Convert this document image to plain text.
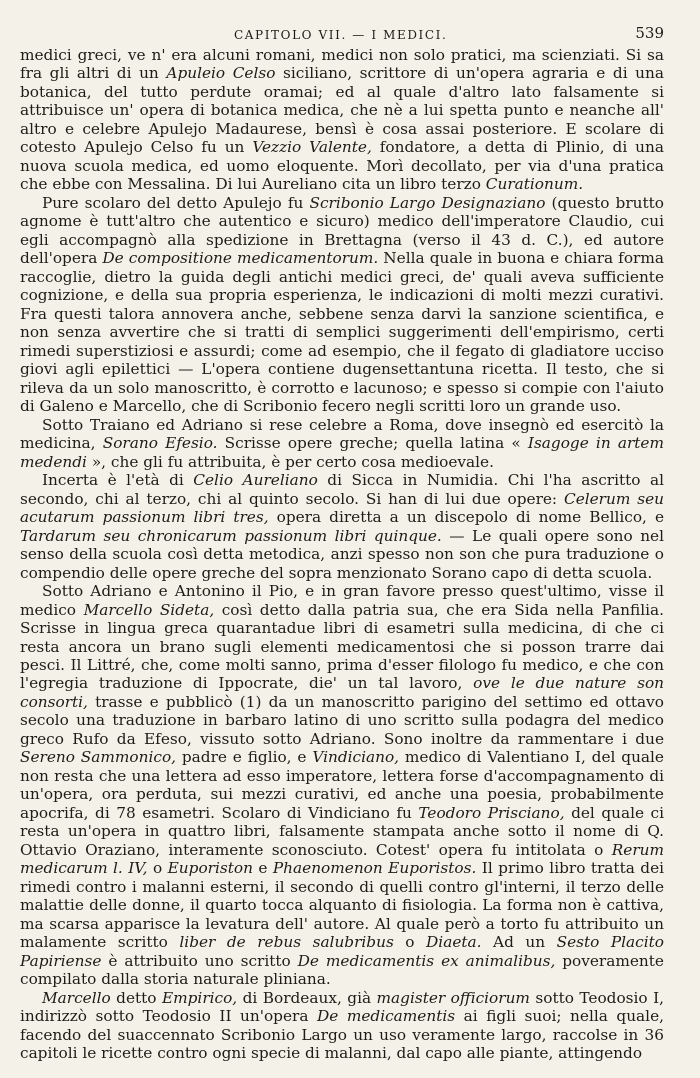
CAPITOLO VII. — I MEDICI.	539

medici greci, ve n' era alcuni romani, medici non solo pratici, ma scienziati. Si sa fra gli altri di un Apuleio Celso siciliano, scrittore di un'opera agraria e di una botanica, del tutto perdute oramai; ed al quale d'altro lato falsamente si attribuisce un' opera di botanica medica, che nè a lui spetta punto e neanche all' altro e celebre Apulejo Madaurese, bensì è cosa assai posteriore. E scolare di cotesto Apulejo Celso fu un Vezzio Valente, fondatore, a detta di Plinio, di una nuova scuola medica, ed uomo eloquente. Morì decollato, per via d'una pratica che ebbe con Messalina. Di lui Aureliano cita un libro terzo Curationum.

Pure scolaro del detto Apulejo fu Scribonio Largo Designaziano (questo brutto agnome è tutt'altro che autentico e sicuro) medico dell'imperatore Claudio, cui egli accompagnò alla spedizione in Brettagna (verso il 43 d. C.), ed autore dell'opera De compositione medicamentorum. Nella quale in buona e chiara forma raccoglie, dietro la guida degli antichi medici greci, de' quali aveva sufficiente cognizione, e della sua propria esperienza, le indicazioni di molti mezzi curativi. Fra questi talora annovera anche, sebbene senza darvi la sanzione scientifica, e non senza avvertire che si tratti di semplici suggerimenti dell'empirismo, certi rimedi superstiziosi e assurdi; come ad esempio, che il fegato di gladiatore ucciso giovi agli epilettici — L'opera contiene dugensettantuna ricetta. Il testo, che si rileva da un solo manoscritto, è corrotto e lacunoso; e spesso si compie con l'aiuto di Galeno e Marcello, che di Scribonio fecero negli scritti loro un grande uso.

Sotto Traiano ed Adriano si rese celebre a Roma, dove insegnò ed esercitò la medicina, Sorano Efesio. Scrisse opere greche; quella latina « Isagoge in artem medendi », che gli fu attribuita, è per certo cosa medioevale.

Incerta è l'età di Celio Aureliano di Sicca in Numidia. Chi l'ha ascritto al secondo, chi al terzo, chi al quinto secolo. Si han di lui due opere: Celerum seu acutarum passionum libri tres, opera diretta a un discepolo di nome Bellico, e Tardarum seu chronicarum passionum libri quinque. — Le quali opere sono nel senso della scuola così detta metodica, anzi spesso non son che pura traduzione o compendio delle opere greche del sopra menzionato Sorano capo di detta scuola.

Sotto Adriano e Antonino il Pio, e in gran favore presso quest'ultimo, visse il medico Marcello Sideta, così detto dalla patria sua, che era Sida nella Panfilia. Scrisse in lingua greca quarantadue libri di esametri sulla medicina, di che ci resta ancora un brano sugli elementi medicamentosi che si posson trarre dai pesci. Il Littré, che, come molti sanno, prima d'esser filologo fu medico, e che con l'egregia traduzione di Ippocrate, die' un tal lavoro, ove le due nature son consorti, trasse e pubblicò (1) da un manoscritto parigino del settimo ed ottavo secolo una traduzione in barbaro latino di uno scritto sulla podagra del medico greco Rufo da Efeso, vissuto sotto Adriano. Sono inoltre da rammentare i due Sereno Sammonico, padre e figlio, e Vindiciano, medico di Valentiano I, del quale non resta che una lettera ad esso imperatore, lettera forse d'accompagnamento di un'opera, ora perduta, sui mezzi curativi, ed anche una poesia, probabilmente apocrifa, di 78 esametri. Scolaro di Vindiciano fu Teodoro Prisciano, del quale ci resta un'opera in quattro libri, falsamente stampata anche sotto il nome di Q. Ottavio Oraziano, interamente sconosciuto. Cotest' opera fu intitolata o Rerum medicarum l. IV, o Euporiston e Phaenomenon Euporistos. Il primo libro tratta dei rimedi contro i malanni esterni, il secondo di quelli contro gl'interni, il terzo delle malattie delle donne, il quarto tocca alquanto di fisiologia. La forma non è cattiva, ma scarsa apparisce la levatura dell' autore. Al quale però a torto fu attribuito un malamente scritto liber de rebus salubribus o Diaeta. Ad un Sesto Placito Papiriense è attribuito uno scritto De medicamentis ex animalibus, poveramente compilato dalla storia naturale pliniana.

Marcello detto Empirico, di Bordeaux, già magister officiorum sotto Teodosio I, indirizzò sotto Teodosio II un'opera De medicamentis ai figli suoi; nella quale, facendo del suaccennato Scribonio Largo un uso veramente largo, raccolse in 36 capitoli le ricette contro ogni specie di malanni, dal capo alle piante, attingendo
